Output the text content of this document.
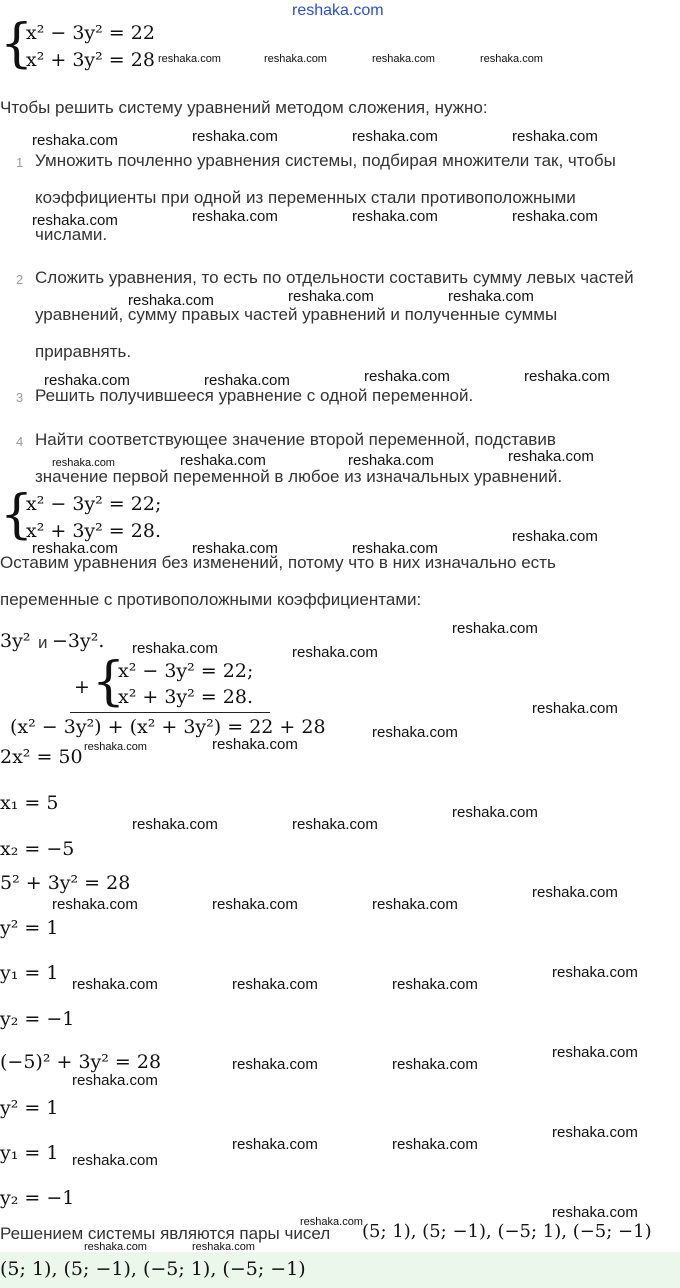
reshaka.com
{
x² − 3y² = 22
x² + 3y² = 28
Чтобы решить систему уравнений методом сложения, нужно:
1 Умножить почленно уравнения системы, подбирая множители так, чтобы
коэффициенты при одной из переменных стали противоположными
числами.
2 Сложить уравнения, то есть по отдельности составить сумму левых частей
уравнений, сумму правых частей уравнений и полученные суммы
приравнять.
3 Решить получившееся уравнение с одной переменной.
4 Найти соответствующее значение второй переменной, подставив
значение первой переменной в любое из изначальных уравнений.
{
x² − 3y² = 22;
x² + 3y² = 28.
Оставим уравнения без изменений, потому что в них изначально есть
переменные с противоположными коэффициентами:
3y² и −3y².
+ {
x² − 3y² = 22;
x² + 3y² = 28.
(x² − 3y²) + (x² + 3y²) = 22 + 28
2x² = 50
x₁ = 5
x₂ = −5
5² + 3y² = 28
y² = 1
y₁ = 1
y₂ = −1
(−5)² + 3y² = 28
y² = 1
y₁ = 1
y₂ = −1
Решением системы являются пары чисел (5; 1), (5; −1), (−5; 1), (−5; −1)
(5; 1), (5; −1), (−5; 1), (−5; −1)
reshaka.com	reshaka.com	reshaka.com	reshaka.com
reshaka.com	reshaka.com	reshaka.com	reshaka.com
reshaka.com	reshaka.com	reshaka.com	reshaka.com
reshaka.com	reshaka.com	reshaka.com
reshaka.com	reshaka.com	reshaka.com	reshaka.com
reshaka.com	reshaka.com	reshaka.com	reshaka.com
reshaka.com
reshaka.com	reshaka.com	reshaka.com
reshaka.com
reshaka.com	reshaka.com
reshaka.com
reshaka.com
reshaka.com	reshaka.com
reshaka.com
reshaka.com	reshaka.com
reshaka.com
reshaka.com	reshaka.com	reshaka.com
reshaka.com
reshaka.com	reshaka.com	reshaka.com
reshaka.com
reshaka.com	reshaka.com
reshaka.com
reshaka.com
reshaka.com	reshaka.com
reshaka.com
reshaka.com
reshaka.com
reshaka.com	reshaka.com
